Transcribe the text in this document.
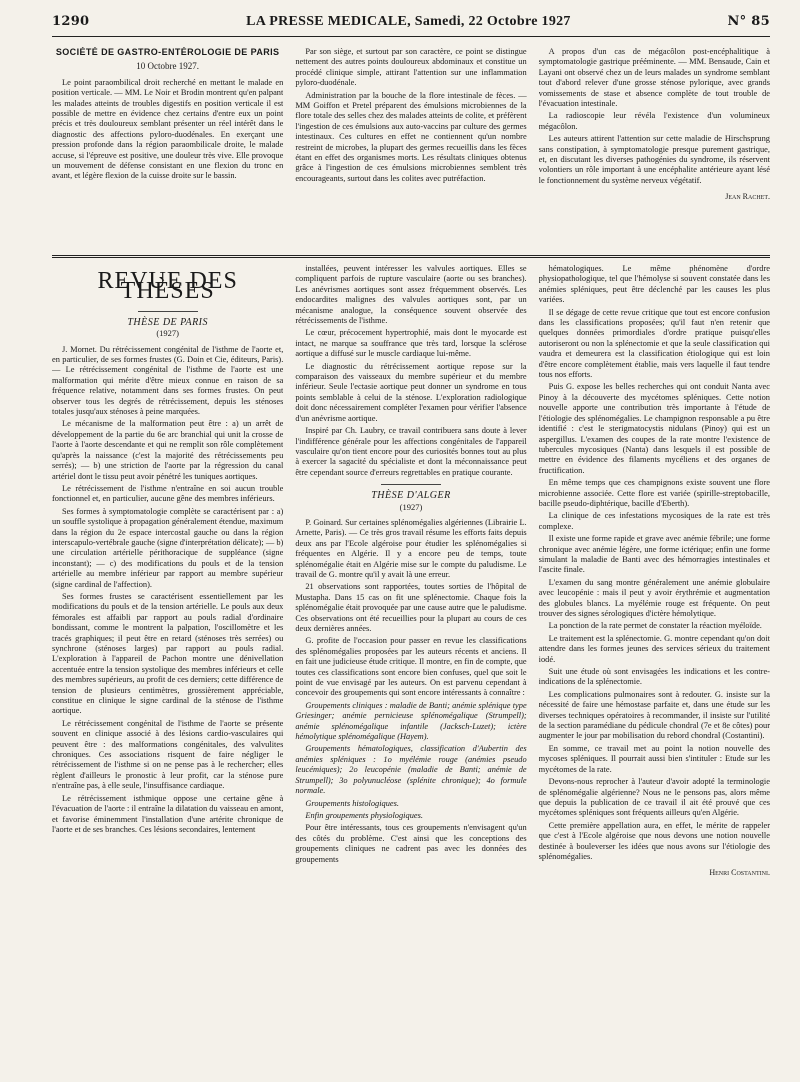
1290	LA PRESSE MEDICALE, Samedi, 22 Octobre 1927	N° 85
SOCIÉTÉ DE GASTRO-ENTÉROLOGIE DE PARIS
10 Octobre 1927.

Le point paraombilical droit recherché en mettant le malade en position verticale. — MM. Le Noir et Brodin montrent qu'en palpant les malades atteints de troubles digestifs en position verticale il est possible de mettre en évidence chez certains d'entre eux un point précis et très douloureux semblant présenter un réel intérêt dans le diagnostic des affections pyloro-duodénales. En exerçant une pression profonde dans la région paraombilicale droite, le malade accuse, si l'épreuve est positive, une douleur très vive. Elle provoque un mouvement de défense consistant en une flexion du tronc en avant, et légère flexion de la cuisse droite sur le bassin.

Par son siège, et surtout par son caractère, ce point se distingue nettement des autres points douloureux abdominaux et constitue un procédé clinique simple, attirant l'attention sur une inflammation pyloro-duodénale.

Administration par la bouche de la flore intestinale de fèces. — MM Goiffon et Pretel préparent des émulsions microbiennes de la flore totale des selles chez des malades atteints de colite, et préfèrent l'ingestion de ces émulsions aux auto-vaccins par culture des germes intestinaux. Ces cultures en effet ne contiennent qu'un nombre restreint de microbes, la plupart des germes recueillis dans les fèces étant en effet des organismes morts. Les résultats cliniques obtenus grâce à l'ingestion de ces émulsions microbiennes semblent très encourageants, surtout dans les colites avec putréfaction.

A propos d'un cas de mégacôlon post-encéphalitique à symptomatologie gastrique prééminente. — MM. Bensaude, Cain et Layani ont observé chez un de leurs malades un syndrome semblant tout d'abord relever d'une grosse sténose pylorique, avec grands vomissements de stase et absence complète de tout trouble de l'évacuation intestinale.

La radioscopie leur révéla l'existence d'un volumineux mégacôlon.

Les auteurs attirent l'attention sur cette maladie de Hirschsprung sans constipation, à symptomatologie presque purement gastrique, et, en discutant les diverses pathogénies du syndrome, ils réservent volontiers un rôle important à une encéphalite antérieure ayant lésé le fonctionnement du système nerveux végétatif.

Jean Rachet.
REVUE DES THÈSES
THÈSE DE PARIS
(1927)

J. Mornet. Du rétrécissement congénital de l'isthme de l'aorte et, en particulier, de ses formes frustes (G. Doin et Cie, éditeurs, Paris). — Le rétrécissement congénital de l'isthme de l'aorte est une malformation qui mérite d'être mieux connue en raison de sa fréquence relative, notamment dans ses formes frustes. On peut observer tous les degrés de rétrécissement, depuis les sténoses totales jusqu'aux sténoses à peine marquées.

Le mécanisme de la malformation peut être : a) un arrêt de développement de la partie du 6e arc branchial qui unit la crosse de l'aorte à l'aorte descendante et qui ne remplit son rôle complètement qu'après la naissance (c'est la majorité des rétrécissements peu serrés); — b) une striction de l'aorte par la régression du canal artériel dont le tissu peut avoir pénétré les tuniques aortiques.

Le rétrécissement de l'isthme n'entraîne en soi aucun trouble fonctionnel et, en particulier, aucune gêne des membres inférieurs.

Ses formes à symptomatologie complète se caractérisent par : a) un souffle systolique à propagation généralement étendue, maximum dans la région du 2e espace intercostal gauche ou dans la région interscapulo-vertébrale gauche (signe d'interprétation délicate); — b) une circulation artérielle périthoracique de suppléance (signe inconstant); — c) des modifications du pouls et de la tension artérielle au membre inférieur par rapport au membre supérieur (signe cardinal de l'affection).

Ses formes frustes se caractérisent essentiellement par les modifications du pouls et de la tension artérielle. Le pouls aux deux fémorales est affaibli par rapport au pouls radial d'ordinaire bondissant, comme le montrent la palpation, l'oscillomètre et les tracés graphiques; il peut être en retard (sténoses très serrées) ou synchrone (sténoses larges) par rapport au pouls radial. L'exploration à l'appareil de Pachon montre une dénivellation accentuée entre la tension systolique des membres inférieurs et celle des membres supérieurs, au profit de ces derniers; cette différence de tension de plusieurs centimètres, grossièrement appréciable, constitue en clinique le signe cardinal de la sténose de l'isthme aortique.

Le rétrécissement congénital de l'isthme de l'aorte se présente souvent en clinique associé à des lésions cardio-vasculaires qui peuvent être : des malformations congénitales, des valvulites chroniques. Ces associations risquent de faire négliger le rétrécissement de l'isthme si on ne pense pas à le rechercher; elles règlent d'ailleurs le pronostic à leur profit, car la sténose pure n'entraîne pas, à elle seule, l'insuffisance cardiaque.

Le rétrécissement isthmique oppose une certaine gêne à l'évacuation de l'aorte : il entraîne la dilatation du vaisseau en amont, et favorise éminemment l'installation d'une artérite chronique de l'aorte et de ses branches. Ces lésions secondaires, lentement

installées, peuvent intéresser les valvules aortiques. Elles se compliquent parfois de rupture vasculaire (aorte ou ses branches). Les anévrismes aortiques sont assez fréquemment observés. Les endocardites malignes des valvules aortiques sont, par un mécanisme analogue, la conséquence souvent observée des rétrécissements de l'isthme.

Le cœur, précocement hypertrophié, mais dont le myocarde est intact, ne marque sa souffrance que très tard, lorsque la sclérose aortique a diffusé sur le muscle cardiaque lui-même.

Le diagnostic du rétrécissement aortique repose sur la comparaison des vaisseaux du membre supérieur et du membre inférieur. Seule l'ectasie aortique peut donner un syndrome en tous points semblable à celui de la sténose. L'exploration radiologique doit donc nécessairement compléter l'examen pour vérifier l'absence d'un anévrisme aortique.

Inspiré par Ch. Laubry, ce travail contribuera sans doute à lever l'indifférence générale pour les affections congénitales de l'appareil vasculaire qu'on tient encore pour des curiosités bonnes tout au plus à exercer la sagacité du spécialiste et dont la méconnaissance peut être cependant source d'erreurs regrettables en pratique courante.

THÈSE D'ALGER
(1927)

P. Goinard. Sur certaines splénomégalies algériennes (Librairie L. Arnette, Paris). — Ce très gros travail résume les efforts faits depuis deux ans par l'Ecole algéroise pour étudier les splénomégalies si fréquentes en Algérie. Il y a encore peu de temps, toute splénomégalie était en Algérie mise sur le compte du paludisme. Le travail de G. montre qu'il y avait là une erreur.

21 observations sont rapportées, toutes sorties de l'hôpital de Mustapha. Dans 15 cas on fit une splénectomie. Chaque fois la splénomégalie était provoquée par une cause autre que le paludisme. Ces observations ont été recueillies pour la plupart au cours de ces deux dernières années.

G. profite de l'occasion pour passer en revue les classifications des splénomégalies proposées par les auteurs récents et anciens. Il en fait une judicieuse étude critique. Il montre, en fin de compte, que toutes ces classifications sont encore bien confuses, quel que soit le point de vue envisagé par les auteurs. On est parvenu cependant à concevoir des groupements qui sont encore intéressants à connaître :

Groupements cliniques : maladie de Banti; anémie splénique type Griesinger; anémie pernicieuse splénomégalique (Strumpell); anémie splénomégalique infantile (Jacksch-Luzet); ictère hémolytique splénomégalique (Hayem).

Groupements hématologiques, classification d'Aubertin des anémies spléniques : 1o myélémie rouge (anémies pseudo leucémiques); 2o leucopénie (maladie de Banti; anémie de Strumpell); 3o polyunucléose (splénite chronique); 4o formule normale.

Groupements histologiques.

Enfin groupements physiologiques.

Pour être intéressants, tous ces groupements n'envisagent qu'un des côtés du problème. C'est ainsi que les conceptions des groupements cliniques ne cadrent pas avec les données des groupements

hématologiques. Le même phénomène d'ordre physiopathologique, tel que l'hémolyse si souvent constatée dans les anémies spléniques, peut être déclenché par les causes les plus variées.

Il se dégage de cette revue critique que tout est encore confusion dans les classifications proposées; qu'il faut n'en retenir que quelques données primordiales d'ordre pratique puisqu'elles autoriseront ou non la splénectomie et que la seule classification qui vaudra et demeurera est la classification étiologique qui est loin d'être encore complètement établie, mais vers laquelle il faut tendre tous nos efforts.

Puis G. expose les belles recherches qui ont conduit Nanta avec Pinoy à la découverte des mycétomes spléniques. Cette notion nouvelle apporte une contribution très importante à l'étude de l'étiologie des splénomégalies. Le champignon responsable a pu être identifié : c'est le sterigmatocystis nidulans (Pinoy) qui est un aspergillus. L'examen des coupes de la rate montre l'existence de tubercules mycosiques (Nanta) dans lesquels il est possible de mettre en évidence des filaments mycéliens et des organes de fructification.

En même temps que ces champignons existe souvent une flore microbienne associée. Cette flore est variée (spirille-streptobacille, bacille pseudo-diphtérique, bacille d'Eberth).

La clinique de ces infestations mycosiques de la rate est très complexe.

Il existe une forme rapide et grave avec anémie fébrile; une forme chronique avec anémie légère, une forme ictérique; enfin une forme simulant la maladie de Banti avec des hémorragies intestinales et l'ascite finale.

L'examen du sang montre généralement une anémie globulaire avec leucopénie : mais il peut y avoir érythrémie et augmentation des globules blancs. La myélémie rouge est fréquente. On peut trouver des signes sérologiques d'ictère hémolytique.

La ponction de la rate permet de constater la réaction myéloïde.

Le traitement est la splénectomie. G. montre cependant qu'on doit attendre dans les formes jeunes des services sérieux du traitement iodé.

Suit une étude où sont envisagées les indications et les contre-indications de la splénectomie.

Les complications pulmonaires sont à redouter. G. insiste sur la nécessité de faire une hémostase parfaite et, dans une étude sur les diverses techniques opératoires à recommander, il insiste sur l'utilité de la section paramédiane du pédicule chondral (7e et 8e côtes) pour augmenter le jour par mobilisation du rebord chondral (Costantini).

En somme, ce travail met au point la notion nouvelle des mycoses spléniques. Il pourrait aussi bien s'intituler : Etude sur les mycétomes de la rate.

Devons-nous reprocher à l'auteur d'avoir adopté la terminologie de splénomégalie algérienne? Nous ne le pensons pas, alors même que depuis la publication de ce travail il ait été prouvé que ces mycétomes spléniques sont fréquents ailleurs qu'en Algérie.

Cette première appellation aura, en effet, le mérite de rappeler que c'est à l'Ecole algéroise que nous devons une notion nouvelle destinée à bouleverser les idées que nous avons sur l'étiologie des splénomégalies.

Henri Costantini.
